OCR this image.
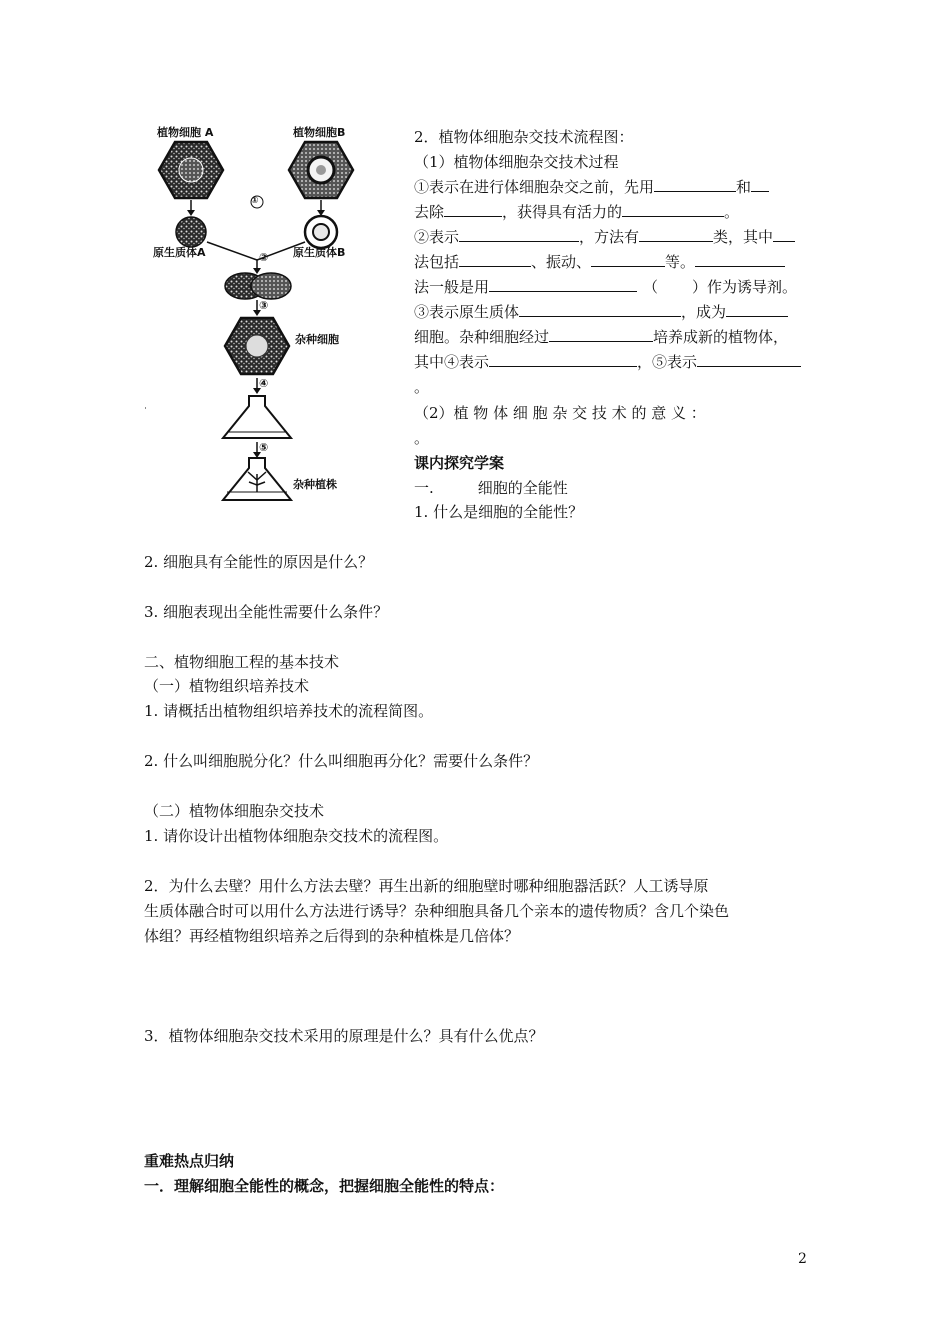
植物细胞 A	植物细胞B
①
原生质体A	原生质体B
②
③
杂种细胞
④
⑤
杂种植株
2．植物体细胞杂交技术流程图：
（1）植物体细胞杂交技术过程
①表示在进行体细胞杂交之前，先用	和
去除	，获得具有活力的	。
②表示	，方法有	类，其中
法包括	、振动、	等。
法一般是用	（ ）作为诱导剂。
③表示原生质体	，成为
细胞。杂种细胞经过	培养成新的植物体，
其中④表示	，⑤表示
。
（2）植 物 体 细 胞 杂 交 技 术 的 意 义 ：
。
课内探究学案
一.	细胞的全能性
1. 什么是细胞的全能性？
2. 细胞具有全能性的原因是什么？
3. 细胞表现出全能性需要什么条件？
二、植物细胞工程的基本技术
（一）植物组织培养技术
1. 请概括出植物组织培养技术的流程简图。
2. 什么叫细胞脱分化？什么叫细胞再分化？需要什么条件？
（二）植物体细胞杂交技术
1. 请你设计出植物体细胞杂交技术的流程图。
2．为什么去壁？用什么方法去壁？再生出新的细胞壁时哪种细胞器活跃？人工诱导原
生质体融合时可以用什么方法进行诱导？杂种细胞具备几个亲本的遗传物质？含几个染色
体组？再经植物组织培养之后得到的杂种植株是几倍体？
3．植物体细胞杂交技术采用的原理是什么？具有什么优点？
重难热点归纳
一．理解细胞全能性的概念，把握细胞全能性的特点：
2
